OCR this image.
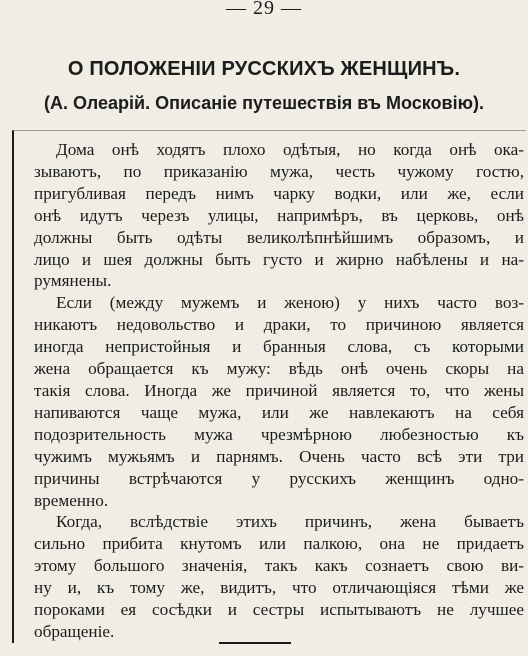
— 29 —
О ПОЛОЖЕНІИ РУССКИХЪ ЖЕНЩИНЪ.
(А. Олеарій. Описаніе путешествія въ Московію).

Дома онѣ ходятъ плохо одѣтыя, но когда онѣ ока-
зываютъ, по приказанію мужа, честь чужому гостю,
пригубливая передъ нимъ чарку водки, или же, если
онѣ идутъ черезъ улицы, напримѣръ, въ церковь, онѣ
должны быть одѣты великолѣпнѣйшимъ образомъ, и
лицо и шея должны быть густо и жирно набѣлены и на-
румянены.

Если (между мужемъ и женою) у нихъ часто воз-
никаютъ недовольство и драки, то причиною является
иногда непристойныя и бранныя слова, съ которыми
жена обращается къ мужу: вѣдь онѣ очень скоры на
такія слова. Иногда же причиной является то, что жены
напиваются чаще мужа, или же навлекаютъ на себя
подозрительность мужа чрезмѣрною любезностью къ
чужимъ мужьямъ и парнямъ. Очень часто всѣ эти три
причины встрѣчаются у русскихъ женщинъ одно-
временно.

Когда, вслѣдствіе этихъ причинъ, жена бываетъ
сильно прибита кнутомъ или палкою, она не придаетъ
этому большого значенія, такъ какъ сознаетъ свою ви-
ну и, къ тому же, видитъ, что отличающіяся тѣми же
пороками ея сосѣдки и сестры испытываютъ не лучшее
обращеніе.
